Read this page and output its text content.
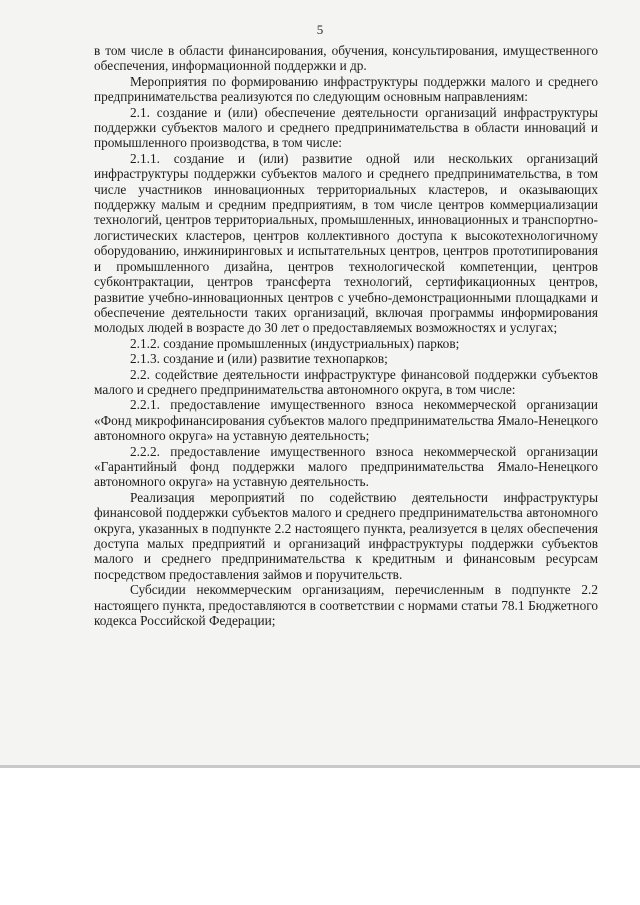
5

в том числе в области финансирования, обучения, консультирования, имущественного обеспечения, информационной поддержки и др.

Мероприятия по формированию инфраструктуры поддержки малого и среднего предпринимательства реализуются по следующим основным направлениям:

2.1. создание и (или) обеспечение деятельности организаций инфраструктуры поддержки субъектов малого и среднего предпринимательства в области инноваций и промышленного производства, в том числе:

2.1.1. создание и (или) развитие одной или нескольких организаций инфраструктуры поддержки субъектов малого и среднего предпринимательства, в том числе участников инновационных территориальных кластеров, и оказывающих поддержку малым и средним предприятиям, в том числе центров коммерциализации технологий, центров территориальных, промышленных, инновационных и транспортно-логистических кластеров, центров коллективного доступа к высокотехнологичному оборудованию, инжиниринговых и испытательных центров, центров прототипирования и промышленного дизайна, центров технологической компетенции, центров субконтрактации, центров трансферта технологий, сертификационных центров, развитие учебно-инновационных центров с учебно-демонстрационными площадками и обеспечение деятельности таких организаций, включая программы информирования молодых людей в возрасте до 30 лет о предоставляемых возможностях и услугах;

2.1.2. создание промышленных (индустриальных) парков;

2.1.3. создание и (или) развитие технопарков;

2.2. содействие деятельности инфраструктуре финансовой поддержки субъектов малого и среднего предпринимательства автономного округа, в том числе:

2.2.1. предоставление имущественного взноса некоммерческой организации «Фонд микрофинансирования субъектов малого предпринимательства Ямало-Ненецкого автономного округа» на уставную деятельность;

2.2.2. предоставление имущественного взноса некоммерческой организации «Гарантийный фонд поддержки малого предпринимательства Ямало-Ненецкого автономного округа» на уставную деятельность.

Реализация мероприятий по содействию деятельности инфраструктуры финансовой поддержки субъектов малого и среднего предпринимательства автономного округа, указанных в подпункте 2.2 настоящего пункта, реализуется в целях обеспечения доступа малых предприятий и организаций инфраструктуры поддержки субъектов малого и среднего предпринимательства к кредитным и финансовым ресурсам посредством предоставления займов и поручительств.

Субсидии некоммерческим организациям, перечисленным в подпункте 2.2 настоящего пункта, предоставляются в соответствии с нормами статьи 78.1 Бюджетного кодекса Российской Федерации;
